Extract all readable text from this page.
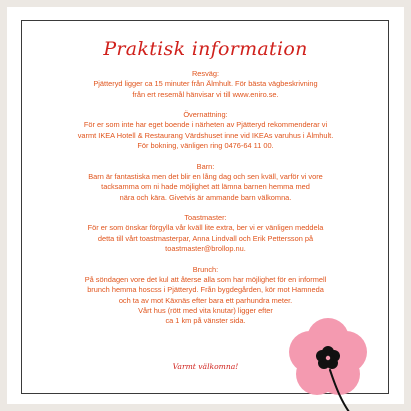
Praktisk information
Resväg:

Pjätteryd ligger ca 15 minuter från Älmhult. För bästa vägbeskrivning

från ert resemål hänvisar vi till www.eniro.se.

Övernattning:

För er som inte har eget boende i närheten av Pjätteryd rekommenderar vi

varmt IKEA Hotell & Restaurang Värdshuset inne vid IKEAs varuhus i Älmhult.

För bokning, vänligen ring 0476-64 11 00.

Barn:

Barn är fantastiska men det blir en lång dag och sen kväll, varför vi vore

tacksamma om ni hade möjlighet att lämna barnen hemma med

nära och kära. Givetvis är ammande barn välkomna.

Toastmaster:

För er som önskar förgylla vår kväll lite extra, ber vi er vänligen meddela

detta till vårt toastmasterpar, Anna Lindvall och Erik Pettersson på

toastmaster@brollop.nu.

Brunch:

På söndagen vore det kul att återse alla som har möjlighet för en informell

brunch hemma hoscss i Pjätteryd. Från bygdegården, kör mot Hamneda

och ta av mot Käxnäs efter bara ett parhundra meter.

Vårt hus (rött med vita knutar) ligger efter

ca 1 km på vänster sida.

Varmt välkomna!
